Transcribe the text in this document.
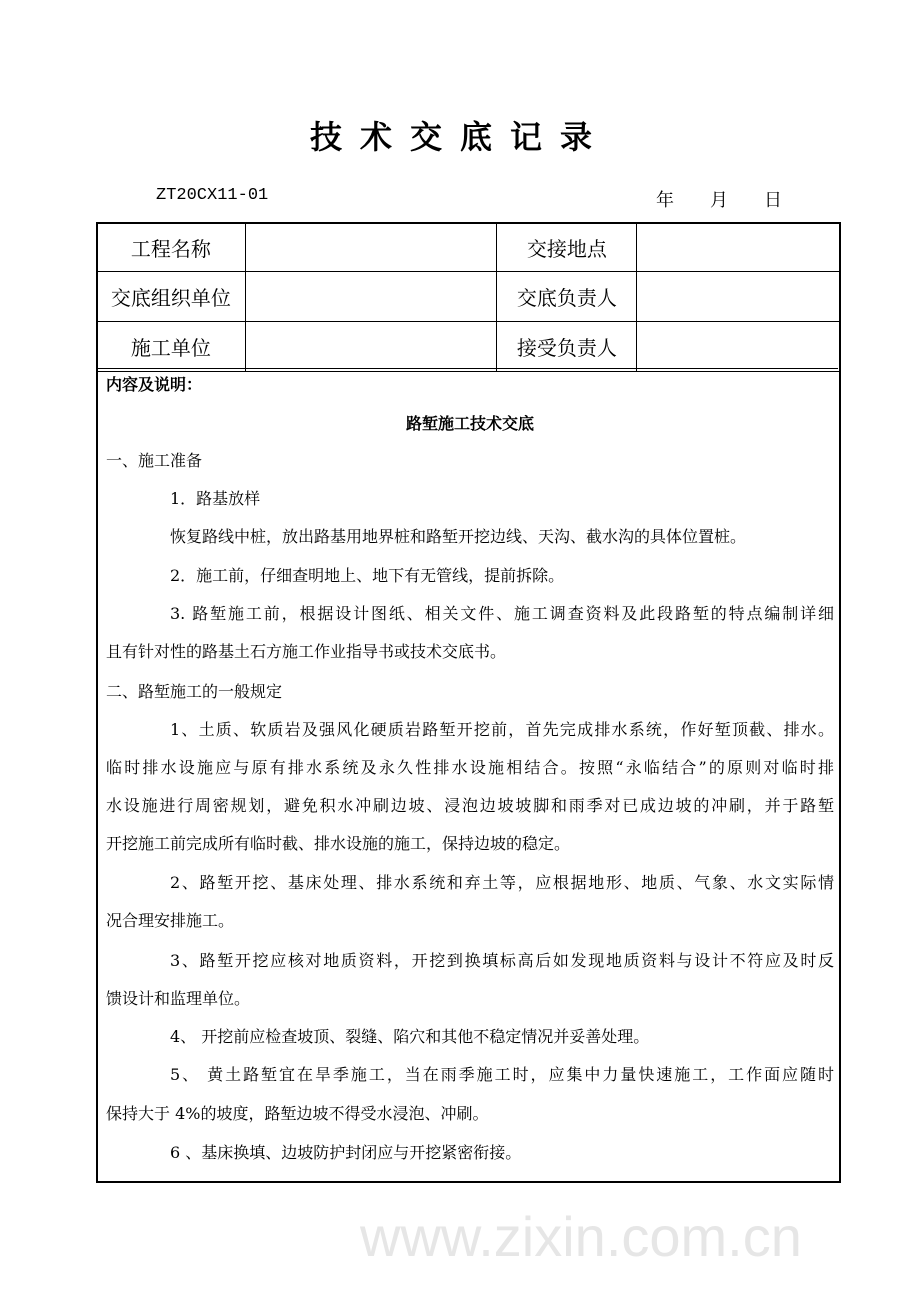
www.zixin.com.cn
技术交底记录
ZT20CX11-01	年 月 日
工程名称		交接地点	
交底组织单位		交底负责人	
施工单位		接受负责人	
内容及说明：
路堑施工技术交底
一、施工准备
1．路基放样
恢复路线中桩，放出路基用地界桩和路堑开挖边线、天沟、截水沟的具体位置桩。
2．施工前，仔细查明地上、地下有无管线，提前拆除。
3. 路堑施工前，根据设计图纸、相关文件、施工调查资料及此段路堑的特点编制详细
且有针对性的路基土石方施工作业指导书或技术交底书。
二、路堑施工的一般规定
1、土质、软质岩及强风化硬质岩路堑开挖前，首先完成排水系统，作好堑顶截、排水。
临时排水设施应与原有排水系统及永久性排水设施相结合。按照“永临结合”的原则对临时排
水设施进行周密规划，避免积水冲刷边坡、浸泡边坡坡脚和雨季对已成边坡的冲刷，并于路堑
开挖施工前完成所有临时截、排水设施的施工，保持边坡的稳定。
2、路堑开挖、基床处理、排水系统和弃土等，应根据地形、地质、气象、水文实际情
况合理安排施工。
3、路堑开挖应核对地质资料，开挖到换填标高后如发现地质资料与设计不符应及时反
馈设计和监理单位。
4、 开挖前应检查坡顶、裂缝、陷穴和其他不稳定情况并妥善处理。
5、 黄土路堑宜在旱季施工，当在雨季施工时，应集中力量快速施工，工作面应随时
保持大于 4%的坡度，路堑边坡不得受水浸泡、冲刷。
6 、基床换填、边坡防护封闭应与开挖紧密衔接。
